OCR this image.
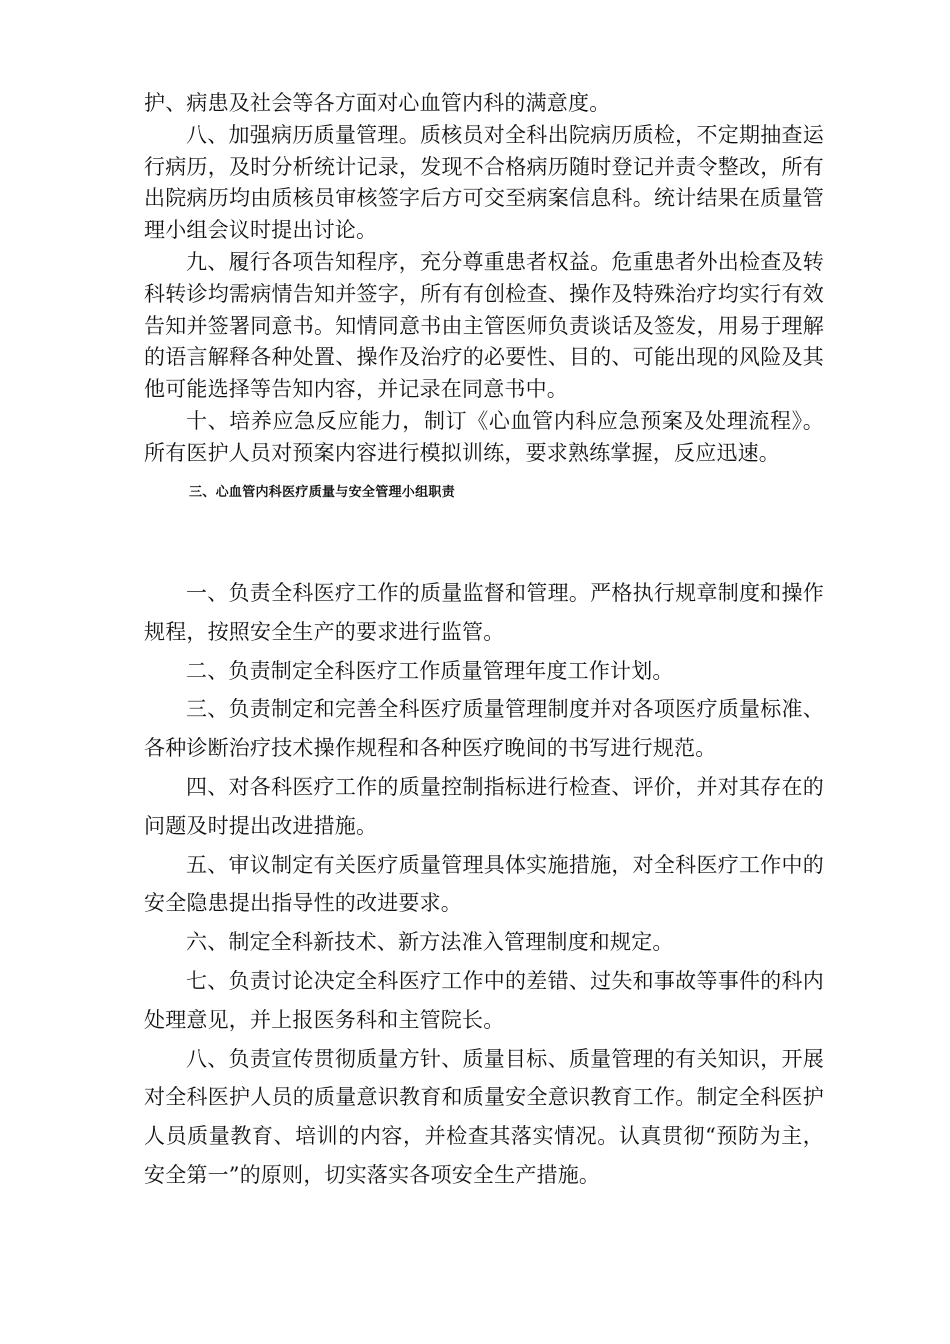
护、病患及社会等各方面对心血管内科的满意度。

八、加强病历质量管理。质核员对全科出院病历质检，不定期抽查运行病历，及时分析统计记录，发现不合格病历随时登记并责令整改，所有出院病历均由质核员审核签字后方可交至病案信息科。统计结果在质量管理小组会议时提出讨论。

九、履行各项告知程序，充分尊重患者权益。危重患者外出检查及转科转诊均需病情告知并签字，所有有创检查、操作及特殊治疗均实行有效告知并签署同意书。知情同意书由主管医师负责谈话及签发，用易于理解的语言解释各种处置、操作及治疗的必要性、目的、可能出现的风险及其他可能选择等告知内容，并记录在同意书中。

十、培养应急反应能力，制订《心血管内科应急预案及处理流程》。所有医护人员对预案内容进行模拟训练，要求熟练掌握，反应迅速。

三、心血管内科医疗质量与安全管理小组职责

一、负责全科医疗工作的质量监督和管理。严格执行规章制度和操作规程，按照安全生产的要求进行监管。

二、负责制定全科医疗工作质量管理年度工作计划。

三、负责制定和完善全科医疗质量管理制度并对各项医疗质量标准、各种诊断治疗技术操作规程和各种医疗晚间的书写进行规范。

四、对各科医疗工作的质量控制指标进行检查、评价，并对其存在的问题及时提出改进措施。

五、审议制定有关医疗质量管理具体实施措施，对全科医疗工作中的安全隐患提出指导性的改进要求。

六、制定全科新技术、新方法准入管理制度和规定。

七、负责讨论决定全科医疗工作中的差错、过失和事故等事件的科内处理意见，并上报医务科和主管院长。

八、负责宣传贯彻质量方针、质量目标、质量管理的有关知识，开展对全科医护人员的质量意识教育和质量安全意识教育工作。制定全科医护人员质量教育、培训的内容，并检查其落实情况。认真贯彻“预防为主，安全第一”的原则，切实落实各项安全生产措施。
